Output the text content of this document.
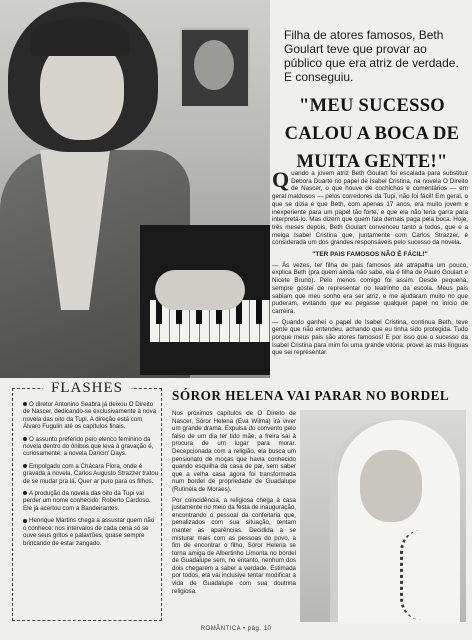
Filha de atores famosos, Beth Goulart teve que provar ao público que era atriz de verdade. E conseguiu.
"MEU SUCESSO CALOU A BOCA DE MUITA GENTE!"

Quando a jovem atriz Beth Goulart foi escalada para substituir Debora Duarte no papel de Isabel Cristina, na novela O Direito de Nascer, o que houve de cochichos e comentários — em geral maldosos — pelos corredores da Tupi, não foi fácil! Em geral, o que se dizia é que Beth, com apenas 17 anos, era muito jovem e inexperiente para um papel tão forte, e que ela não teria garra para interpretá-lo. Mas dizem que quem fala demais paga pela boca. Hoje, três meses depois, Beth Goulart convenceu tanto a todos, que e a meiga Isabel Cristina que, juntamente com Carlos Strazzer, é considerada um dos grandes responsáveis pelo sucesso da novela.

"TER PAIS FAMOSOS NÃO É FÁCIL!"

— Às vezes, ter filha de pais famosos até atrapalha um pouco, explica Beth (pra quem ainda não sabe, ela é filha de Paulo Goulart e Nicete Bruno). Pelo menos comigo foi assim. Desde pequena, sempre gostei de representar no teatrinho da escola. Meus pais sabiam que meu sonho era ser atriz, e me ajudaram muito no que puderam, evitando que eu pegasse qualquer papel no início de carreira.

— Quando ganhei o papel de Isabel Cristina, continua Beth, teve gente que não entendeu, achando que eu tinha sido protegida. Tudo porque meus pais são atores famosos! E por isso que o sucesso da Isabel Cristina para mim foi uma grande vitória: provei às más línguas que sei representar.

FLASHES
O diretor Antonino Seabra já deixou O Direito de Nascer, dedicando-se exclusivamente à nova novela das oito da Tupi. A direção está com Álvaro Fugulin até os capítulos finais.
O assunto preferido pelo elenco feminino da novela dentro do ônibus que leva à gravação é, curiosamente, a novela Dancin' Days.
Empolgado com a Chácara Flora, onde é gravada a novela, Carlos Augusto Strazzer tratou de se mudar pra lá. Quer ar puro para os filhos.
A produção da novela das oito da Tupi vai perder um nome conhecido: Roberto Cardoso. Ele já acertou com a Bandeirantes.
Henrique Martins chega a assustar quem não o conhece: nos intervalos de cada cena só se ouve seus gritos e palavrões, quase sempre brincando de estar zangado.
SÓROR HELENA VAI PARAR NO BORDEL

Nos próximos capítulos de O Direito de Nascer, Sóror Helena (Eva Wilma) irá viver um grande drama. Expulsa do convento pelo falso de um dia ter tido mãe, a freira sai à procura de um lugar para morar. Decepcionada com a religião, ela busca um pensionato de moças que havia conhecido quando esquilha da casa de pai, sem saber que a velha casa agora foi transformada num bordel de propriedade de Guadalupe (Rutinéia de Moraes).

Por coincidência, a religiosa chega à casa justamente no meio da festa de inauguração, encontrando o pessoal da confeitaria que, penalizados com sua situação, tentam manter as aparências. Decidida a se misturar mais com as pessoas do povo, a fim de encontrar o filho, Sóror Helena se torna amiga de Albertinho Limonta no bordel de Guadalupe sem, no entanto, nenhum dos dois chegarem a saber a verdade. Estimada por todos, ela vai inclusive tentar modificar a vida de Guadalupe com sua doutrina religiosa.

ROMÂNTICA • pág. 10
